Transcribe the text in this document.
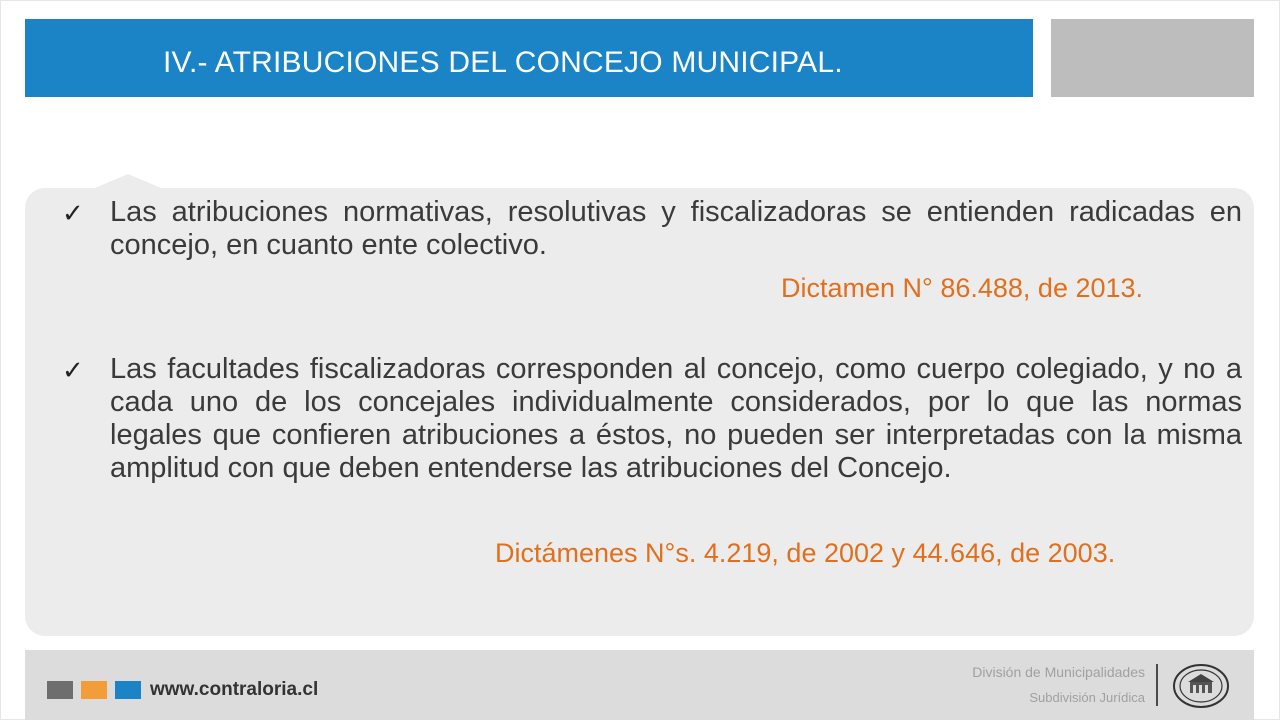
IV.- ATRIBUCIONES DEL CONCEJO MUNICIPAL.
✓ Las atribuciones normativas, resolutivas y fiscalizadoras se entienden radicadas en concejo, en cuanto ente colectivo.

Dictamen N° 86.488, de 2013.

✓ Las facultades fiscalizadoras corresponden al concejo, como cuerpo colegiado, y no a cada uno de los concejales individualmente considerados, por lo que las normas legales que confieren atribuciones a éstos, no pueden ser interpretadas con la misma amplitud con que deben entenderse las atribuciones del Concejo.

Dictámenes N°s. 4.219, de 2002 y 44.646, de 2003.

www.contraloria.cl

División de Municipalidades

Subdivisión Jurídica
